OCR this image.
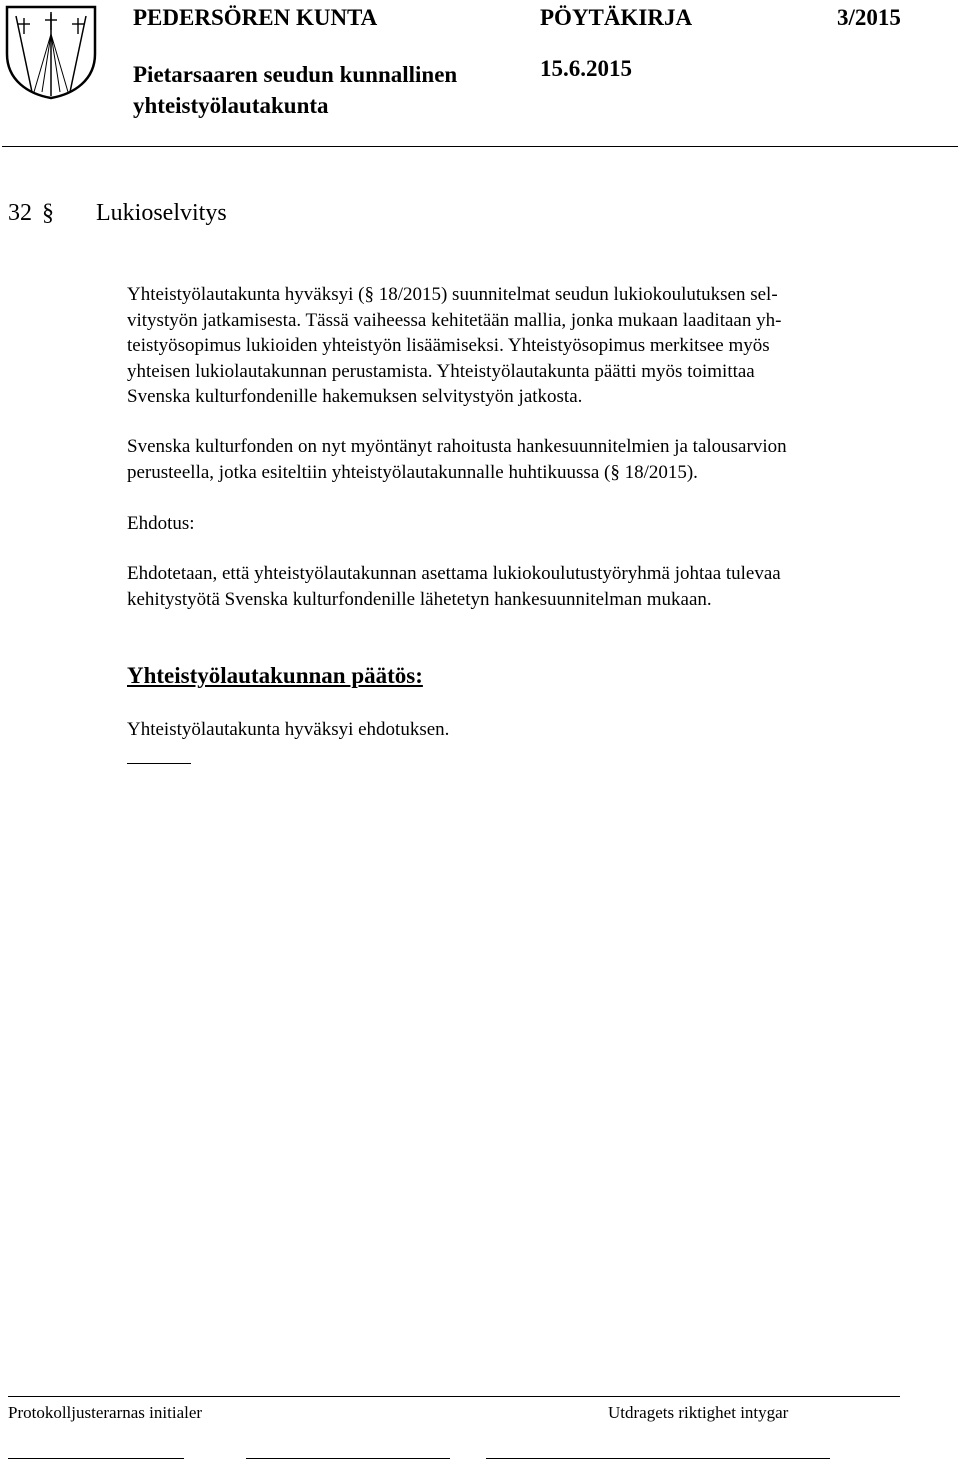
PEDERSÖREN KUNTA
Pietarsaaren seudun kunnallinen
yhteistyölautakunta
PÖYTÄKIRJA	3/2015
15.6.2015
32 § Lukioselvitys
Yhteistyölautakunta hyväksyi (§ 18/2015) suunnitelmat seudun lukiokoulutuksen sel-
vitystyön jatkamisesta. Tässä vaiheessa kehitetään mallia, jonka mukaan laaditaan yh-
teistyösopimus lukioiden yhteistyön lisäämiseksi. Yhteistyösopimus merkitsee myös
yhteisen lukiolautakunnan perustamista. Yhteistyölautakunta päätti myös toimittaa
Svenska kulturfondenille hakemuksen selvitystyön jatkosta.
Svenska kulturfonden on nyt myöntänyt rahoitusta hankesuunnitelmien ja talousarvion
perusteella, jotka esiteltiin yhteistyölautakunnalle huhtikuussa (§ 18/2015).
Ehdotus:
Ehdotetaan, että yhteistyölautakunnan asettama lukiokoulutustyöryhmä johtaa tulevaa
kehitystyötä Svenska kulturfondenille lähetetyn hankesuunnitelman mukaan.
Yhteistyölautakunnan päätös:
Yhteistyölautakunta hyväksyi ehdotuksen.
Protokolljusterarnas initialer	Utdragets riktighet intygar
